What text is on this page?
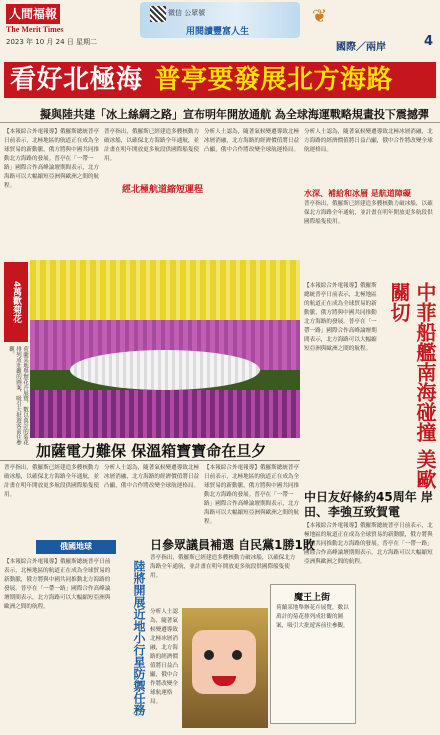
人間福報
The Merit Times
2023 年 10 月 24 日 星期二
微信 公眾號
用閱讀豐富人生
❦
國際／兩岸	4
看好北極海 普亭要發展北方海路
擬與陸共建「冰上絲綢之路」宣布明年開放通航 為全球海運戰略規畫投下震撼彈
【本報綜合外電報導】俄羅斯總統普亭日前表示，北極地區的航道正在成為全球貿易的新動脈，俄方將與中國共同推動北方海路的發展。普亭在「一帶一路」國際合作高峰論壇期間表示，北方海路可以大幅縮短亞洲與歐洲之間的航程。
普亭指出，俄羅斯已經建造多艘核動力破冰船，以確保北方海路全年通航，並計畫在明年開放更多航段供國際船隻使用。
經北極航道縮短運程
分析人士認為，隨著氣候變遷導致北極冰層消融，北方海路的經濟價值將日益凸顯，俄中合作將改變全球航運格局。
分析人士認為，隨著氣候變遷導致北極冰層消融，北方海路的經濟價值將日益凸顯，俄中合作將改變全球航運格局。
水深、補給和冰層 是航道障礙
普亭指出，俄羅斯已經建造多艘核動力破冰船，以確保北方海路全年通航，並計畫在明年開放更多航段供國際船隻使用。
【本報綜合外電報導】俄羅斯總統普亭日前表示，北極地區的航道正在成為全球貿易的新動脈，俄方將與中國共同推動北方海路的發展。普亭在「一帶一路」國際合作高峰論壇期間表示，北方海路可以大幅縮短亞洲與歐洲之間的航程。	中菲船艦南海碰撞 美歐關切
中日友好條約45周年 岸田、李強互致賀電
【本報綜合外電報導】俄羅斯總統普亭日前表示，北極地區的航道正在成為全球貿易的新動脈，俄方將與中國共同推動北方海路的發展。普亭在「一帶一路」國際合作高峰論壇期間表示，北方海路可以大幅縮短亞洲與歐洲之間的航程。
4萬歡菊花
荷蘭某地舉辦花卉展覽，數以萬計的菊花排列成壯觀的圖案，吸引大批遊客前往參觀。
加薩電力難保 保溫箱寶寶命在旦夕
普亭指出，俄羅斯已經建造多艘核動力破冰船，以確保北方海路全年通航，並計畫在明年開放更多航段供國際船隻使用。
分析人士認為，隨著氣候變遷導致北極冰層消融，北方海路的經濟價值將日益凸顯，俄中合作將改變全球航運格局。
【本報綜合外電報導】俄羅斯總統普亭日前表示，北極地區的航道正在成為全球貿易的新動脈，俄方將與中國共同推動北方海路的發展。普亭在「一帶一路」國際合作高峰論壇期間表示，北方海路可以大幅縮短亞洲與歐洲之間的航程。
俄國地球
【本報綜合外電報導】俄羅斯總統普亭日前表示，北極地區的航道正在成為全球貿易的新動脈，俄方將與中國共同推動北方海路的發展。普亭在「一帶一路」國際合作高峰論壇期間表示，北方海路可以大幅縮短亞洲與歐洲之間的航程。	陸將開展近地小行星防禦任務
日參眾議員補選 自民黨1勝1敗
普亭指出，俄羅斯已經建造多艘核動力破冰船，以確保北方海路全年通航，並計畫在明年開放更多航段供國際船隻使用。
分析人士認為，隨著氣候變遷導致北極冰層消融，北方海路的經濟價值將日益凸顯，俄中合作將改變全球航運格局。
魔王上街
荷蘭某地舉辦花卉展覽，數以萬計的菊花排列成壯觀的圖案，吸引大批遊客前往參觀。
